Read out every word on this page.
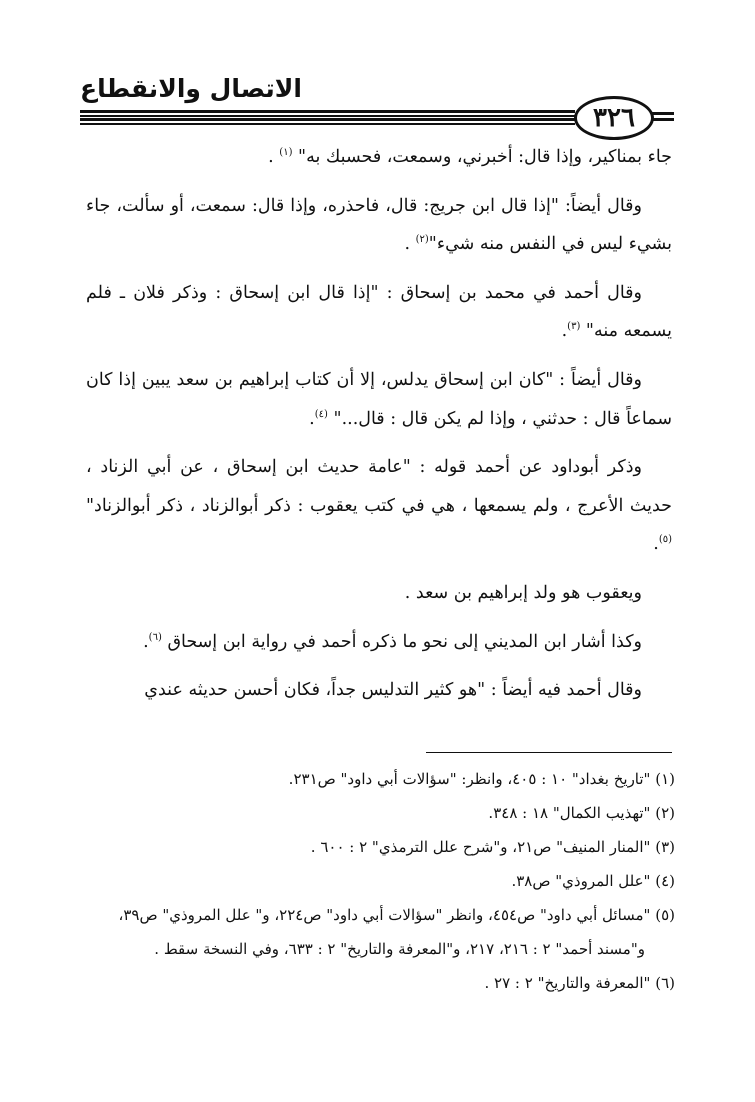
الاتصال والانقطاع
٣٢٦

جاء بمناكير، وإذا قال: أخبرني، وسمعت، فحسبك به" $^{(١)}$ .

وقال أيضاً: "إذا قال ابن جريج: قال، فاحذره، وإذا قال: سمعت، أو سألت، جاء بشيء ليس في النفس منه شيء"$^{(٢)}$ .

وقال أحمد في محمد بن إسحاق : "إذا قال ابن إسحاق : وذكر فلان ـ فلم يسمعه منه" $^{(٣)}$.

وقال أيضاً : "كان ابن إسحاق يدلس، إلا أن كتاب إبراهيم بن سعد يبين إذا كان سماعاً قال : حدثني ، وإذا لم يكن قال : قال..." $^{(٤)}$.

وذكر أبوداود عن أحمد قوله : "عامة حديث ابن إسحاق ، عن أبي الزناد ، حديث الأعرج ، ولم يسمعها ، هي في كتب يعقوب : ذكر أبوالزناد ، ذكر أبوالزناد" $^{(٥)}$.

ويعقوب هو ولد إبراهيم بن سعد .

وكذا أشار ابن المديني إلى نحو ما ذكره أحمد في رواية ابن إسحاق $^{(٦)}$.

وقال أحمد فيه أيضاً : "هو كثير التدليس جداً، فكان أحسن حديثه عندي

(١) "تاريخ بغداد" ١٠ : ٤٠٥، وانظر: "سؤالات أبي داود" ص٢٣١.

(٢) "تهذيب الكمال" ١٨ : ٣٤٨.

(٣) "المنار المنيف" ص٢١، و"شرح علل الترمذي" ٢ : ٦٠٠ .

(٤) "علل المروذي" ص٣٨.

(٥) "مسائل أبي داود" ص٤٥٤، وانظر "سؤالات أبي داود" ص٢٢٤، و" علل المروذي" ص٣٩،

و"مسند أحمد" ٢ : ٢١٦، ٢١٧، و"المعرفة والتاريخ" ٢ : ٦٣٣، وفي النسخة سقط .

(٦) "المعرفة والتاريخ" ٢ : ٢٧ .
